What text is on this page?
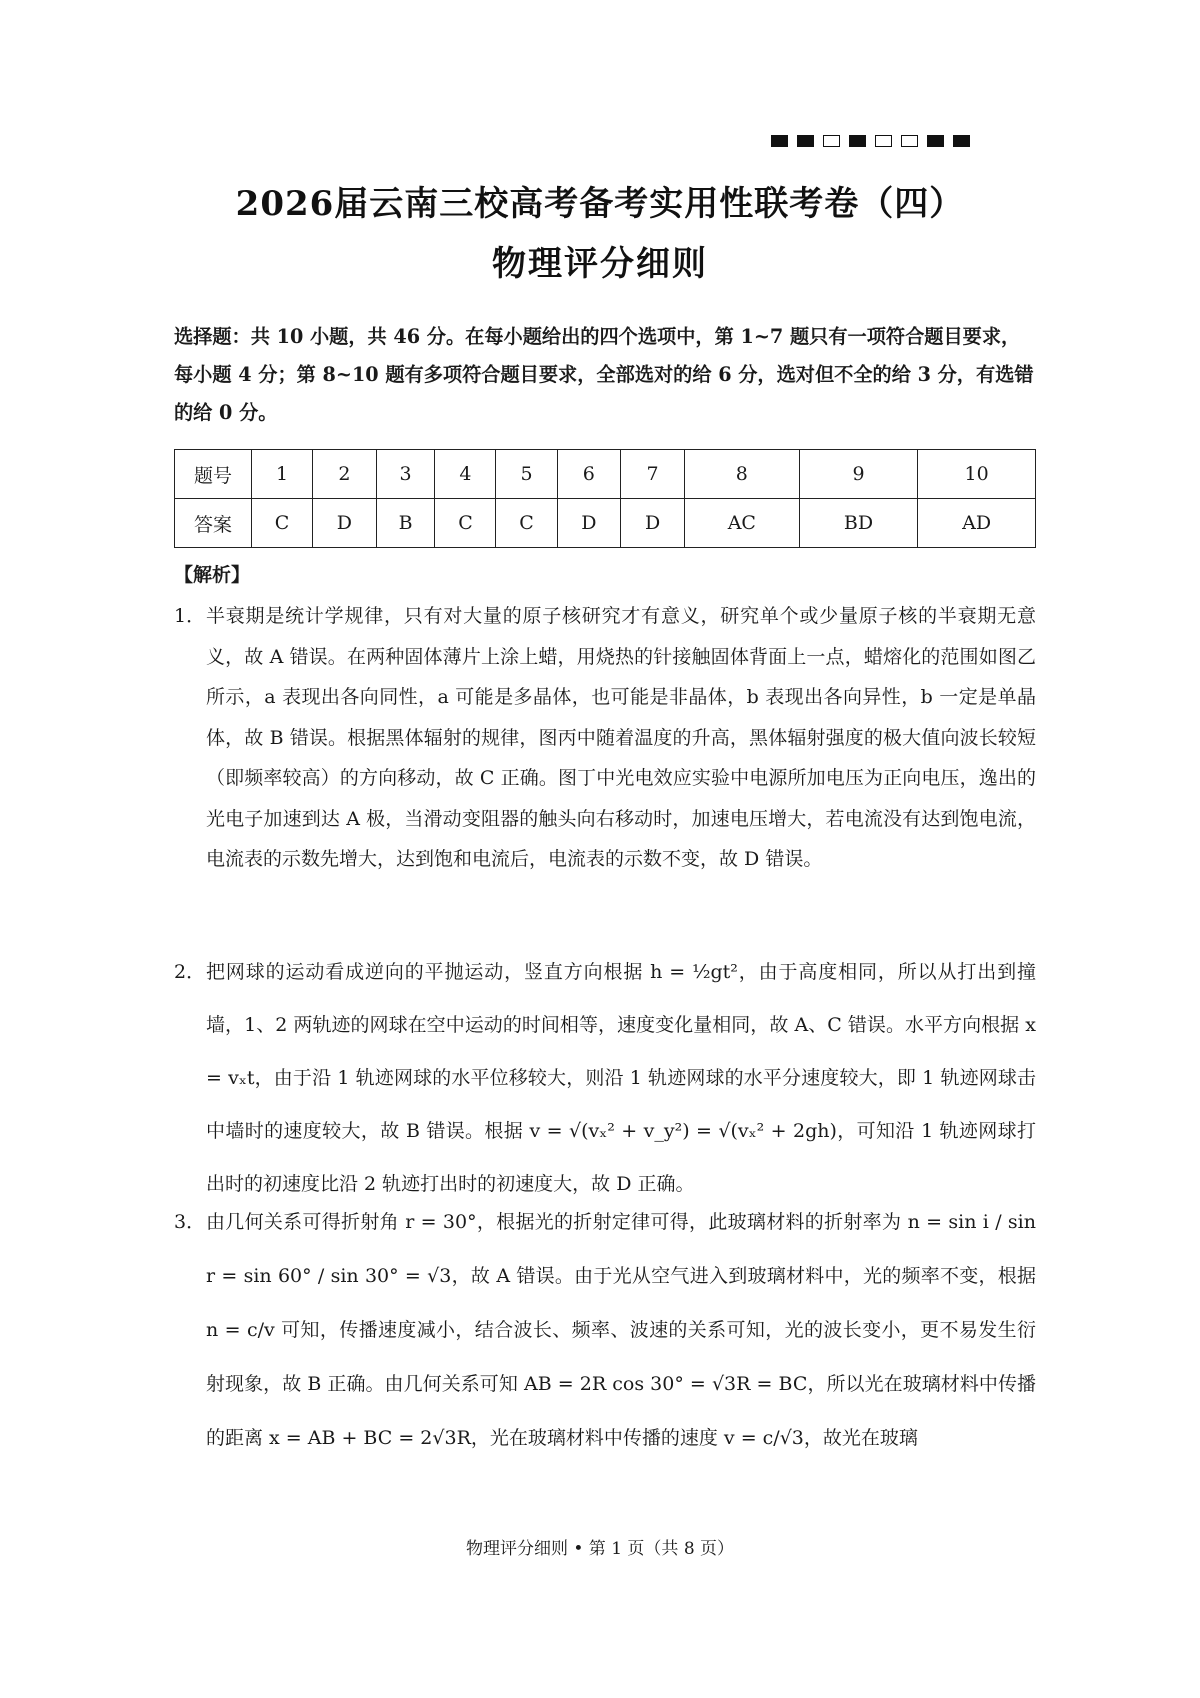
2026届云南三校高考备考实用性联考卷（四）
物理评分细则

选择题：共 10 小题，共 46 分。在每小题给出的四个选项中，第 1~7 题只有一项符合题目要求，每小题 4 分；第 8~10 题有多项符合题目要求，全部选对的给 6 分，选对但不全的给 3 分，有选错的给 0 分。

题号	1	2	3	4	5	6	7	8	9	10
答案	C	D	B	C	C	D	D	AC	BD	AD

【解析】

1． 半衰期是统计学规律，只有对大量的原子核研究才有意义，研究单个或少量原子核的半衰期无意义，故 A 错误。在两种固体薄片上涂上蜡，用烧热的针接触固体背面上一点，蜡熔化的范围如图乙所示，a 表现出各向同性，a 可能是多晶体，也可能是非晶体，b 表现出各向异性，b 一定是单晶体，故 B 错误。根据黑体辐射的规律，图丙中随着温度的升高，黑体辐射强度的极大值向波长较短（即频率较高）的方向移动，故 C 正确。图丁中光电效应实验中电源所加电压为正向电压，逸出的光电子加速到达 A 极，当滑动变阻器的触头向右移动时，加速电压增大，若电流没有达到饱电流，电流表的示数先增大，达到饱和电流后，电流表的示数不变，故 D 错误。
2． 把网球的运动看成逆向的平抛运动，竖直方向根据 h = ½gt²，由于高度相同，所以从打出到撞墙，1、2 两轨迹的网球在空中运动的时间相等，速度变化量相同，故 A、C 错误。水平方向根据 x = vₓt，由于沿 1 轨迹网球的水平位移较大，则沿 1 轨迹网球的水平分速度较大，即 1 轨迹网球击中墙时的速度较大，故 B 错误。根据 v = √(vₓ² + v_y²) = √(vₓ² + 2gh)，可知沿 1 轨迹网球打出时的初速度比沿 2 轨迹打出时的初速度大，故 D 正确。
3． 由几何关系可得折射角 r = 30°，根据光的折射定律可得，此玻璃材料的折射率为 n = sin i / sin r = sin 60° / sin 30° = √3，故 A 错误。由于光从空气进入到玻璃材料中，光的频率不变，根据 n = c/v 可知，传播速度减小，结合波长、频率、波速的关系可知，光的波长变小，更不易发生衍射现象，故 B 正确。由几何关系可知 AB = 2R cos 30° = √3R = BC，所以光在玻璃材料中传播的距离 x = AB + BC = 2√3R，光在玻璃材料中传播的速度 v = c/√3，故光在玻璃

物理评分细则 • 第 1 页（共 8 页）
